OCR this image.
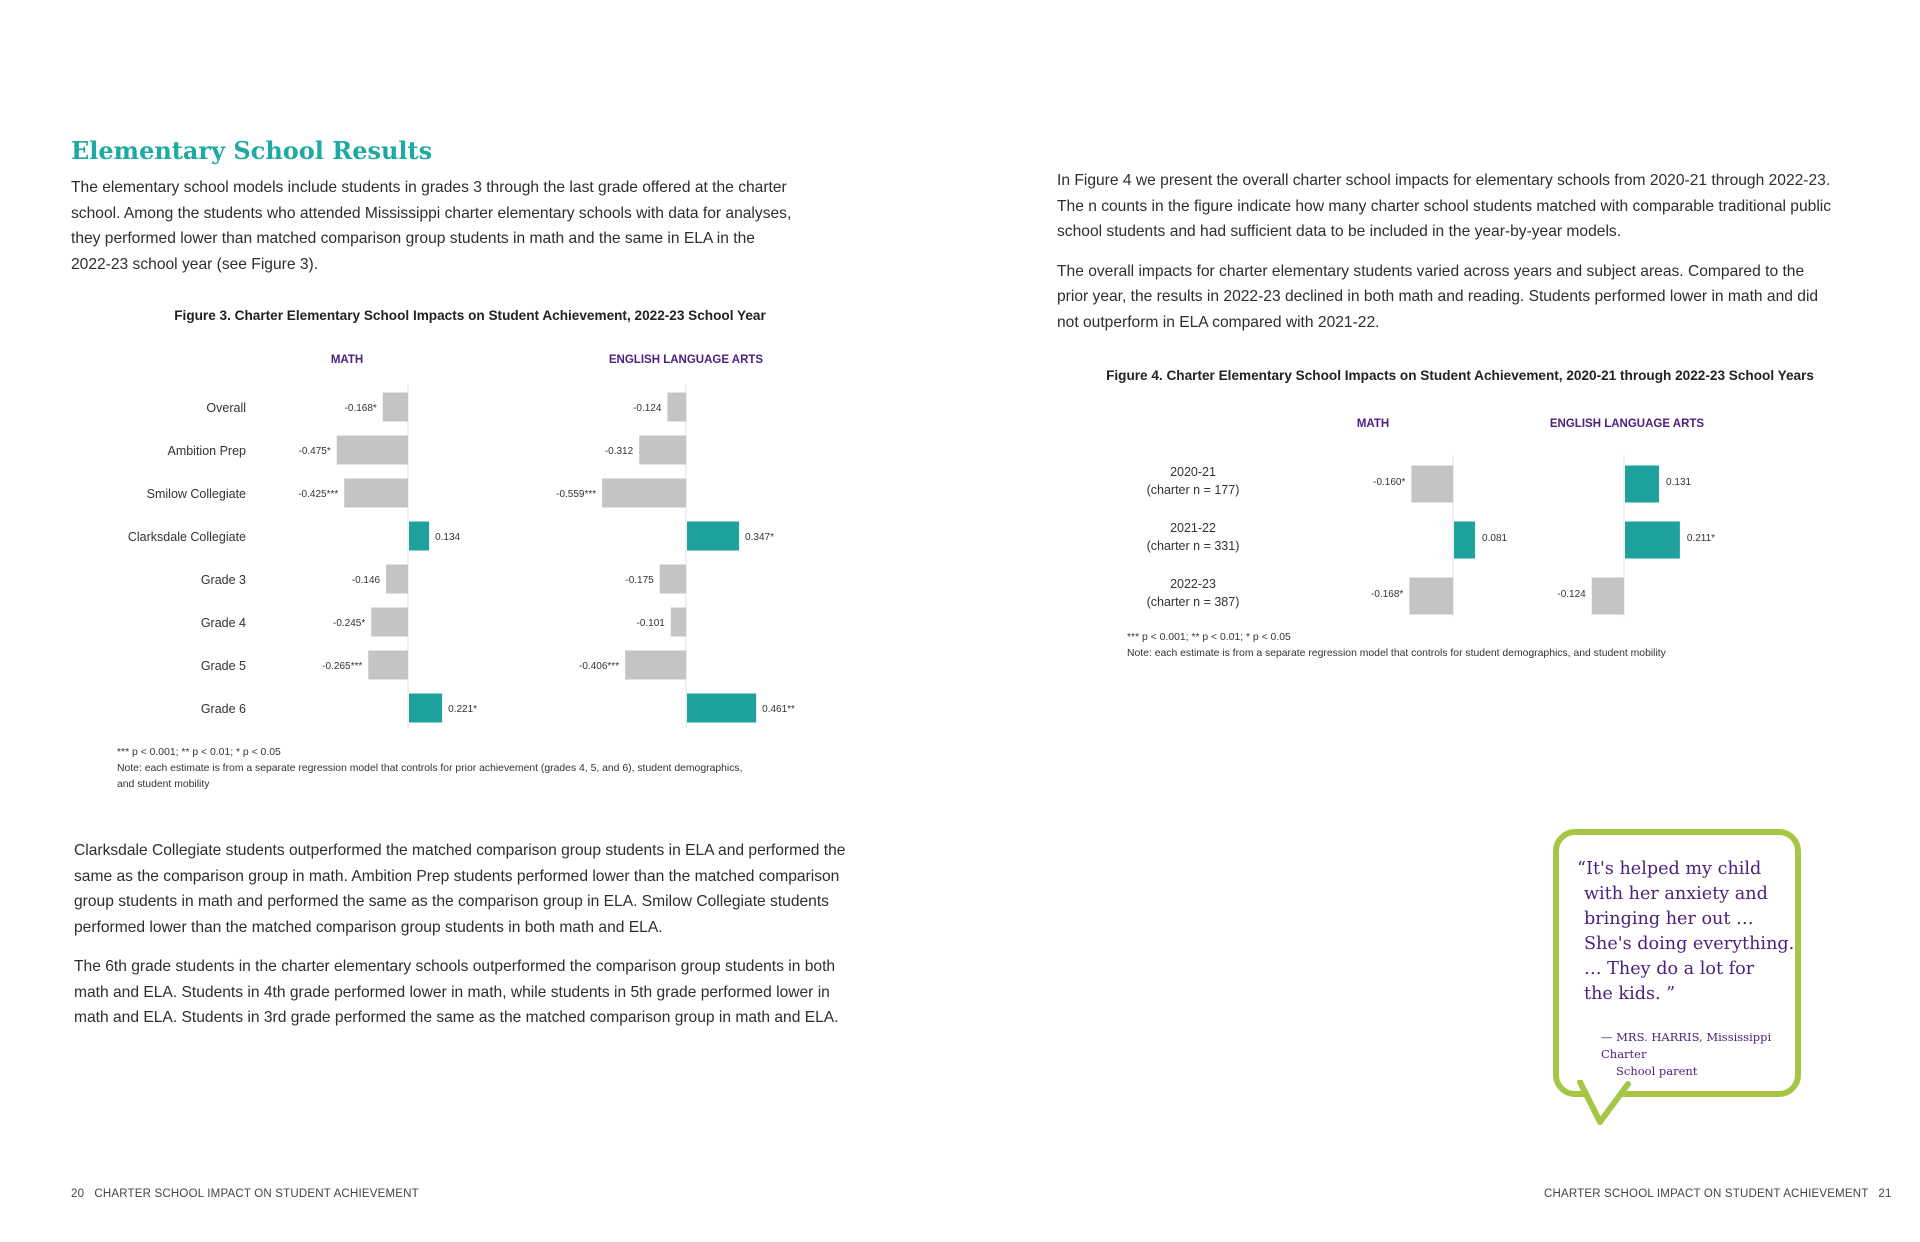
Elementary School Results
The elementary school models include students in grades 3 through the last grade offered at the charter
school. Among the students who attended Mississippi charter elementary schools with data for analyses,
they performed lower than matched comparison group students in math and the same in ELA in the
2022-23 school year (see Figure 3).
Figure 3. Charter Elementary School Impacts on Student Achievement, 2022-23 School Year
MATH	ENGLISH LANGUAGE ARTS
Overall	-0.168*	-0.124
Ambition Prep	-0.475*	-0.312
Smilow Collegiate	-0.425***	-0.559***
Clarksdale Collegiate	0.134	0.347*
Grade 3	-0.146	-0.175
Grade 4	-0.245*	-0.101
Grade 5	-0.265***	-0.406***
Grade 6	0.221*	0.461**
*** p < 0.001; ** p < 0.01; * p < 0.05
Note: each estimate is from a separate regression model that controls for prior achievement (grades 4, 5, and 6), student demographics,
and student mobility

Clarksdale Collegiate students outperformed the matched comparison group students in ELA and performed the
same as the comparison group in math. Ambition Prep students performed lower than the matched comparison
group students in math and performed the same as the comparison group in ELA. Smilow Collegiate students
performed lower than the matched comparison group students in both math and ELA.

The 6th grade students in the charter elementary schools outperformed the comparison group students in both
math and ELA. Students in 4th grade performed lower in math, while students in 5th grade performed lower in
math and ELA. Students in 3rd grade performed the same as the matched comparison group in math and ELA.

20   CHARTER SCHOOL IMPACT ON STUDENT ACHIEVEMENT

In Figure 4 we present the overall charter school impacts for elementary schools from 2020-21 through 2022-23.
The n counts in the figure indicate how many charter school students matched with comparable traditional public
school students and had sufficient data to be included in the year-by-year models.

The overall impacts for charter elementary students varied across years and subject areas. Compared to the
prior year, the results in 2022-23 declined in both math and reading. Students performed lower in math and did
not outperform in ELA compared with 2021-22.

Figure 4. Charter Elementary School Impacts on Student Achievement, 2020-21 through 2022-23 School Years
MATH	ENGLISH LANGUAGE ARTS
2020-21
(charter n = 177)
-0.160*	0.131
2021-22
(charter n = 331)
0.081	0.211*
2022-23
(charter n = 387)
-0.168*	-0.124
*** p < 0.001; ** p < 0.01; * p < 0.05
Note: each estimate is from a separate regression model that controls for student demographics, and student mobility
“It's helped my child
with her anxiety and
bringing her out …
She's doing everything.
… They do a lot for
the kids. ”
— MRS. HARRIS, Mississippi Charter
School parent
CHARTER SCHOOL IMPACT ON STUDENT ACHIEVEMENT   21
